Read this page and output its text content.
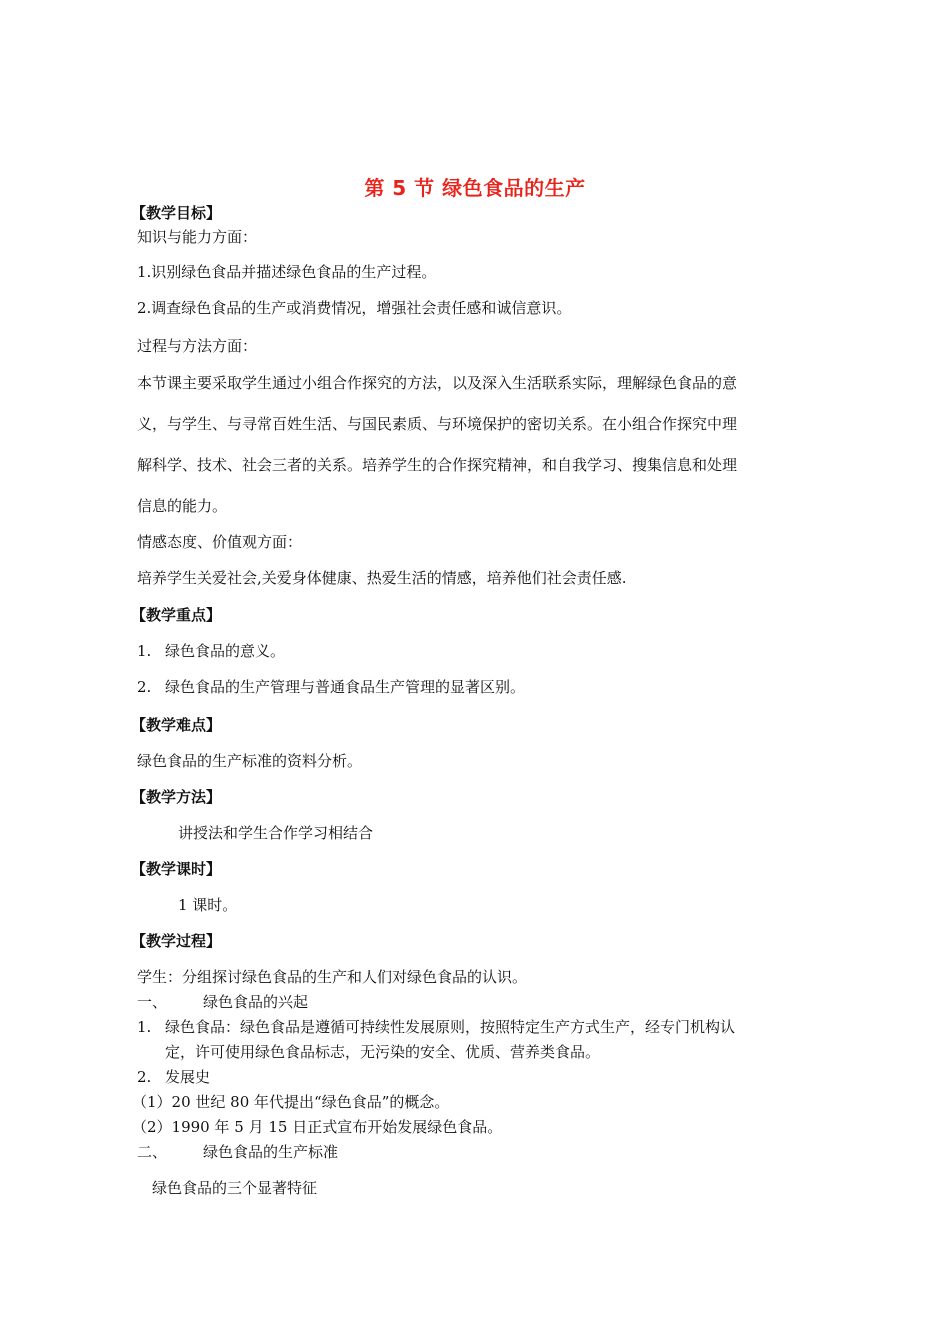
第 5 节 绿色食品的生产
【教学目标】
知识与能力方面：
1.识别绿色食品并描述绿色食品的生产过程。
2.调查绿色食品的生产或消费情况，增强社会责任感和诚信意识。
过程与方法方面：
本节课主要采取学生通过小组合作探究的方法，以及深入生活联系实际，理解绿色食品的意
义，与学生、与寻常百姓生活、与国民素质、与环境保护的密切关系。在小组合作探究中理
解科学、技术、社会三者的关系。培养学生的合作探究精神，和自我学习、搜集信息和处理
信息的能力。
情感态度、价值观方面：
培养学生关爱社会,关爱身体健康、热爱生活的情感，培养他们社会责任感.
【教学重点】
1. 绿色食品的意义。
2. 绿色食品的生产管理与普通食品生产管理的显著区别。
【教学难点】
绿色食品的生产标准的资料分析。
【教学方法】
讲授法和学生合作学习相结合
【教学课时】
1 课时。
【教学过程】
学生：分组探讨绿色食品的生产和人们对绿色食品的认识。
一、 绿色食品的兴起
1. 绿色食品：绿色食品是遵循可持续性发展原则，按照特定生产方式生产，经专门机构认
定，许可使用绿色食品标志，无污染的安全、优质、营养类食品。
2. 发展史
（1）20 世纪 80 年代提出“绿色食品”的概念。
（2）1990 年 5 月 15 日正式宣布开始发展绿色食品。
二、 绿色食品的生产标准
绿色食品的三个显著特征
